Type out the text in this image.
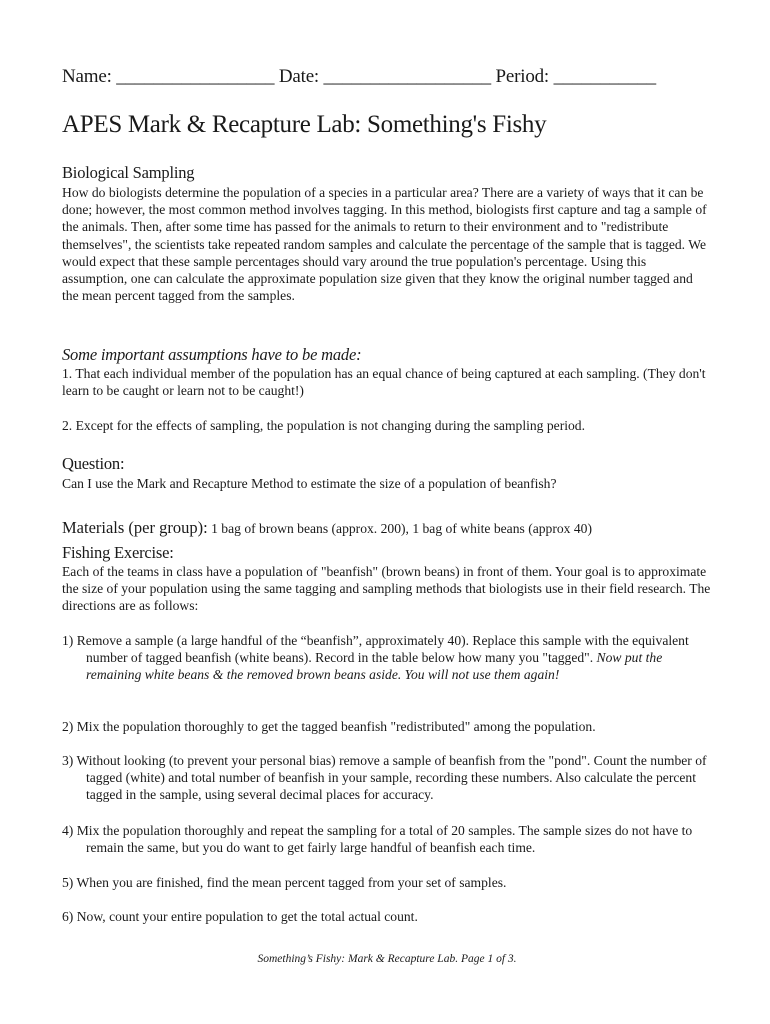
Name: _________________ Date: __________________ Period: ___________
APES Mark & Recapture Lab: Something's Fishy
Biological Sampling
How do biologists determine the population of a species in a particular area? There are a variety of ways that it can be done; however, the most common method involves tagging. In this method, biologists first capture and tag a sample of the animals. Then, after some time has passed for the animals to return to their environment and to "redistribute themselves", the scientists take repeated random samples and calculate the percentage of the sample that is tagged. We would expect that these sample percentages should vary around the true population's percentage. Using this assumption, one can calculate the approximate population size given that they know the original number tagged and the mean percent tagged from the samples.
Some important assumptions have to be made:
1. That each individual member of the population has an equal chance of being captured at each sampling. (They don't learn to be caught or learn not to be caught!)
2. Except for the effects of sampling, the population is not changing during the sampling period.
Question:
Can I use the Mark and Recapture Method to estimate the size of a population of beanfish?
Materials (per group): 1 bag of brown beans (approx. 200), 1 bag of white beans (approx 40)
Fishing Exercise:
Each of the teams in class have a population of "beanfish" (brown beans) in front of them. Your goal is to approximate the size of your population using the same tagging and sampling methods that biologists use in their field research. The directions are as follows:
1) Remove a sample (a large handful of the “beanfish”, approximately 40). Replace this sample with the equivalent number of tagged beanfish (white beans). Record in the table below how many you "tagged". Now put the remaining white beans & the removed brown beans aside. You will not use them again!
2) Mix the population thoroughly to get the tagged beanfish "redistributed" among the population.
3) Without looking (to prevent your personal bias) remove a sample of beanfish from the "pond". Count the number of tagged (white) and total number of beanfish in your sample, recording these numbers. Also calculate the percent tagged in the sample, using several decimal places for accuracy.
4) Mix the population thoroughly and repeat the sampling for a total of 20 samples. The sample sizes do not have to remain the same, but you do want to get fairly large handful of beanfish each time.
5) When you are finished, find the mean percent tagged from your set of samples.
6) Now, count your entire population to get the total actual count.
Something’s Fishy: Mark & Recapture Lab. Page 1 of 3.
